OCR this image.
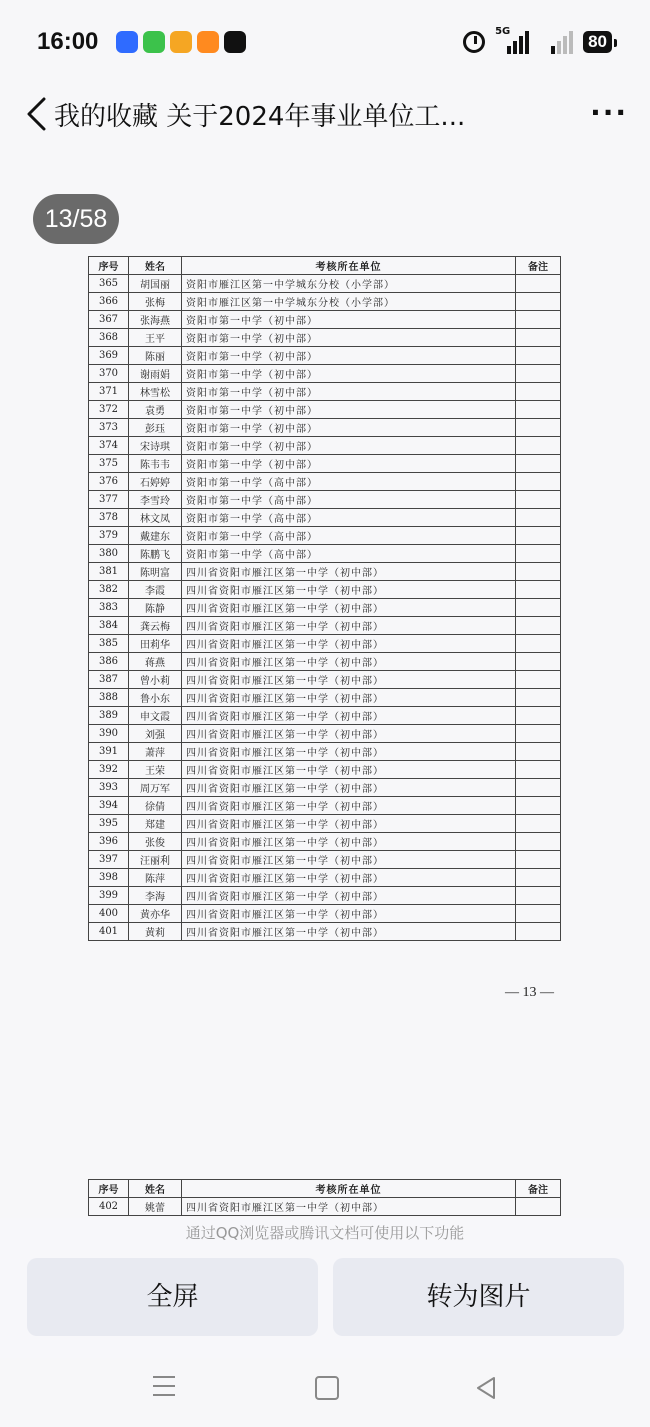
16:00	5G
80
我的收藏 关于2024年事业单位工...	···
13/58
序号	姓名	考核所在单位	备注
365	胡国丽	资阳市雁江区第一中学城东分校（小学部）	
366	张梅	资阳市雁江区第一中学城东分校（小学部）	
367	张海燕	资阳市第一中学（初中部）	
368	王平	资阳市第一中学（初中部）	
369	陈丽	资阳市第一中学（初中部）	
370	谢雨娟	资阳市第一中学（初中部）	
371	林雪松	资阳市第一中学（初中部）	
372	袁勇	资阳市第一中学（初中部）	
373	彭珏	资阳市第一中学（初中部）	
374	宋诗琪	资阳市第一中学（初中部）	
375	陈韦韦	资阳市第一中学（初中部）	
376	石婷婷	资阳市第一中学（高中部）	
377	李雪玲	资阳市第一中学（高中部）	
378	林文凤	资阳市第一中学（高中部）	
379	戴建东	资阳市第一中学（高中部）	
380	陈鹏飞	资阳市第一中学（高中部）	
381	陈明富	四川省资阳市雁江区第一中学（初中部）	
382	李霞	四川省资阳市雁江区第一中学（初中部）	
383	陈静	四川省资阳市雁江区第一中学（初中部）	
384	龚云梅	四川省资阳市雁江区第一中学（初中部）	
385	田莉华	四川省资阳市雁江区第一中学（初中部）	
386	蒋燕	四川省资阳市雁江区第一中学（初中部）	
387	曾小莉	四川省资阳市雁江区第一中学（初中部）	
388	鲁小东	四川省资阳市雁江区第一中学（初中部）	
389	申文霞	四川省资阳市雁江区第一中学（初中部）	
390	刘强	四川省资阳市雁江区第一中学（初中部）	
391	萧萍	四川省资阳市雁江区第一中学（初中部）	
392	王荣	四川省资阳市雁江区第一中学（初中部）	
393	周万军	四川省资阳市雁江区第一中学（初中部）	
394	徐倩	四川省资阳市雁江区第一中学（初中部）	
395	郑建	四川省资阳市雁江区第一中学（初中部）	
396	张俊	四川省资阳市雁江区第一中学（初中部）	
397	汪丽利	四川省资阳市雁江区第一中学（初中部）	
398	陈萍	四川省资阳市雁江区第一中学（初中部）	
399	李海	四川省资阳市雁江区第一中学（初中部）	
400	黄亦华	四川省资阳市雁江区第一中学（初中部）	
401	黄莉	四川省资阳市雁江区第一中学（初中部）	
— 13 —
序号	姓名	考核所在单位	备注
402	姚蕾	四川省资阳市雁江区第一中学（初中部）	
通过QQ浏览器或腾讯文档可使用以下功能
全屏	转为图片
